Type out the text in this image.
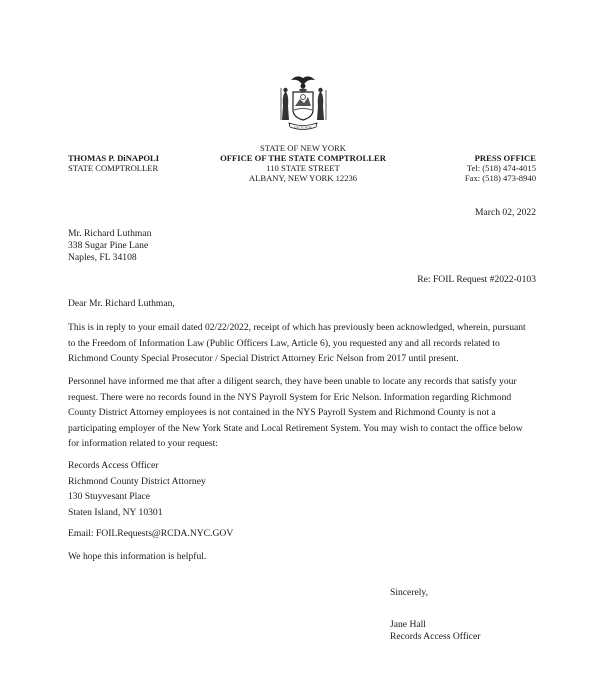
EXCELSIOR
STATE OF NEW YORK
OFFICE OF THE STATE COMPTROLLER
110 STATE STREET
ALBANY, NEW YORK 12236
THOMAS P. DiNAPOLI
STATE COMPTROLLER
PRESS OFFICE
Tel: (518) 474-4015
Fax: (518) 473-8940
March 02, 2022
Mr. Richard Luthman
338 Sugar Pine Lane
Naples, FL 34108
Re: FOIL Request #2022-0103
Dear Mr. Richard Luthman,
This is in reply to your email dated 02/22/2022, receipt of which has previously been acknowledged, wherein, pursuant
to the Freedom of Information Law (Public Officers Law, Article 6), you requested any and all records related to
Richmond County Special Prosecutor / Special District Attorney Eric Nelson from 2017 until present.
Personnel have informed me that after a diligent search, they have been unable to locate any records that satisfy your
request. There were no records found in the NYS Payroll System for Eric Nelson. Information regarding Richmond
County District Attorney employees is not contained in the NYS Payroll System and Richmond County is not a
participating employer of the New York State and Local Retirement System. You may wish to contact the office below
for information related to your request:
Records Access Officer
Richmond County District Attorney
130 Stuyvesant Place
Staten Island, NY 10301
Email: FOILRequests@RCDA.NYC.GOV
We hope this information is helpful.
Sincerely,
Jane Hall
Records Access Officer
